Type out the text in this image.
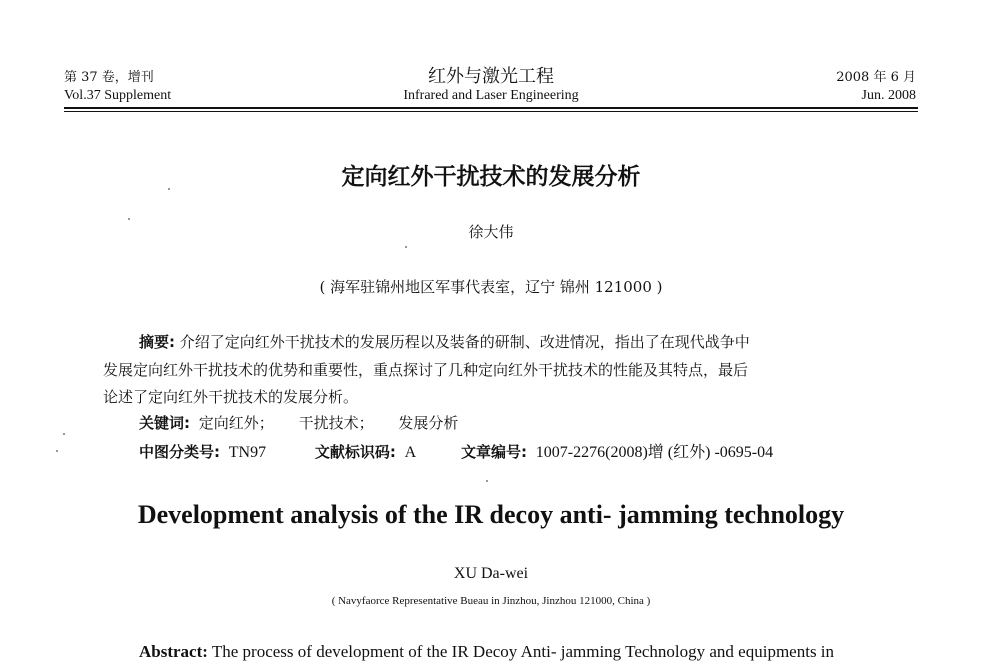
第 37 卷，增刊
Vol.37 Supplement
红外与激光工程
Infrared and Laser Engineering
2008 年 6 月
Jun. 2008
定向红外干扰技术的发展分析
徐大伟
( 海军驻锦州地区军事代表室，辽宁 锦州 121000 )
摘要: 介绍了定向红外干扰技术的发展历程以及装备的研制、改进情况，指出了在现代战争中
发展定向红外干扰技术的优势和重要性，重点探讨了几种定向红外干扰技术的性能及其特点，最后
论述了定向红外干扰技术的发展分析。
关键词: 定向红外； 干扰技术； 发展分析
中图分类号: TN97	文献标识码: A	文章编号: 1007-2276(2008)增 (红外) -0695-04
Development analysis of the IR decoy anti- jamming technology
XU Da-wei
( Navyfaorce Representative Bueau in Jinzhou, Jinzhou 121000, China )
Abstract: The process of development of the IR Decoy Anti- jamming Technology and equipments in
